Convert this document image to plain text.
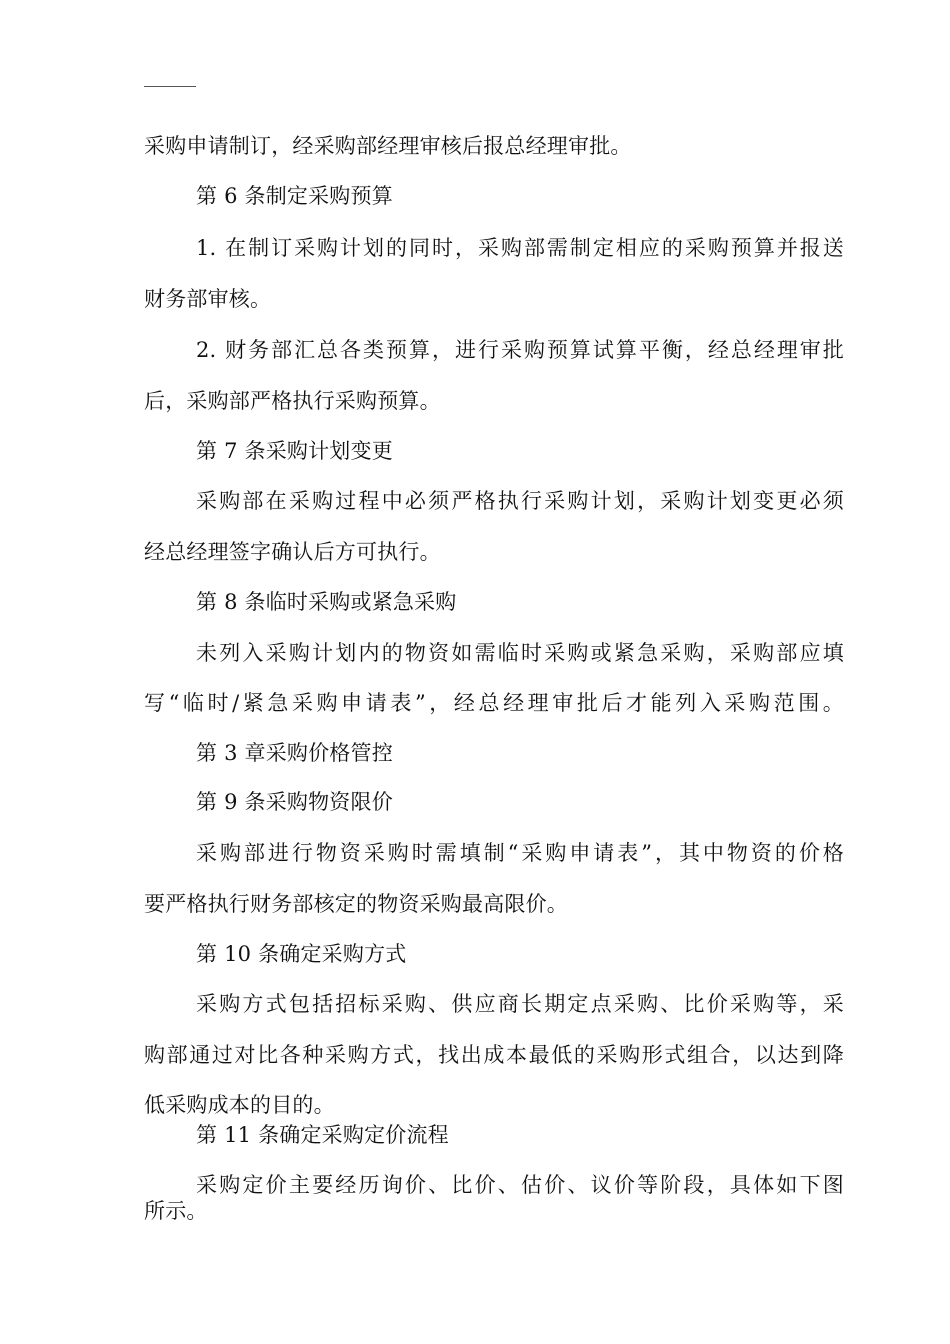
采购申请制订，经采购部经理审核后报总经理审批。
第 6 条制定采购预算
1. 在制订采购计划的同时，采购部需制定相应的采购预算并报送
财务部审核。
2. 财务部汇总各类预算，进行采购预算试算平衡，经总经理审批
后，采购部严格执行采购预算。
第 7 条采购计划变更
采购部在采购过程中必须严格执行采购计划，采购计划变更必须
经总经理签字确认后方可执行。
第 8 条临时采购或紧急采购
未列入采购计划内的物资如需临时采购或紧急采购，采购部应填
写“临时/紧急采购申请表”，经总经理审批后才能列入采购范围。
第 3 章采购价格管控
第 9 条采购物资限价
采购部进行物资采购时需填制“采购申请表”，其中物资的价格
要严格执行财务部核定的物资采购最高限价。
第 10 条确定采购方式
采购方式包括招标采购、供应商长期定点采购、比价采购等，采
购部通过对比各种采购方式，找出成本最低的采购形式组合，以达到降
低采购成本的目的。
第 11 条确定采购定价流程
采购定价主要经历询价、比价、估价、议价等阶段，具体如下图
所示。
